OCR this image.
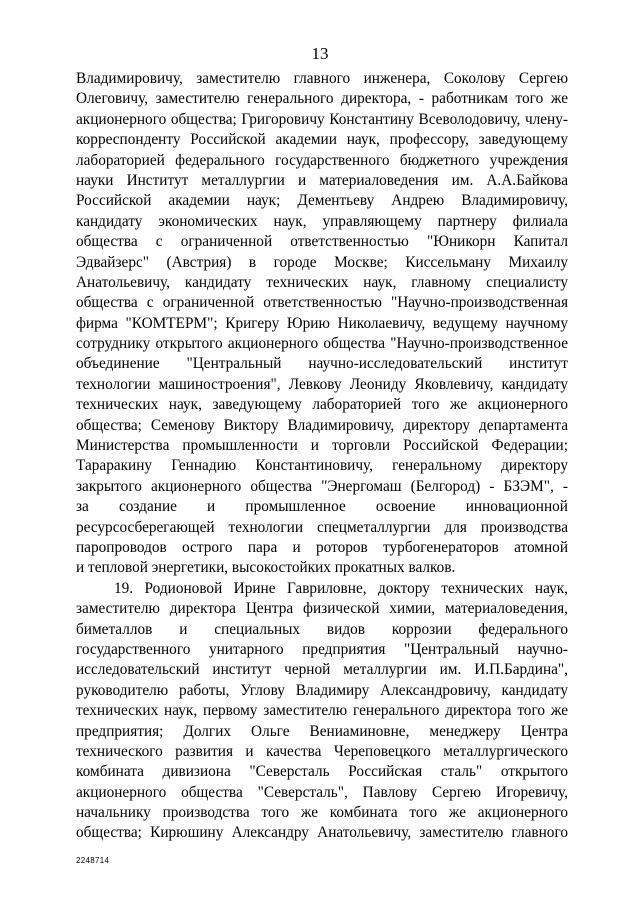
13
Владимировичу, заместителю главного инженера, Соколову Сергею
Олеговичу, заместителю генерального директора, - работникам того же
акционерного общества; Григоровичу Константину Всеволодовичу, члену-
корреспонденту Российской академии наук, профессору, заведующему
лабораторией федерального государственного бюджетного учреждения
науки Институт металлургии и материаловедения им. А.А.Байкова
Российской академии наук; Дементьеву Андрею Владимировичу,
кандидату экономических наук, управляющему партнеру филиала
общества с ограниченной ответственностью "Юникорн Капитал
Эдвайзерс" (Австрия) в городе Москве; Киссельману Михаилу
Анатольевичу, кандидату технических наук, главному специалисту
общества с ограниченной ответственностью "Научно-производственная
фирма "КОМТЕРМ"; Кригеру Юрию Николаевичу, ведущему научному
сотруднику открытого акционерного общества "Научно-производственное
объединение "Центральный научно-исследовательский институт
технологии машиностроения", Левкову Леониду Яковлевичу, кандидату
технических наук, заведующему лабораторией того же акционерного
общества; Семенову Виктору Владимировичу, директору департамента
Министерства промышленности и торговли Российской Федерации;
Тараракину Геннадию Константиновичу, генеральному директору
закрытого акционерного общества "Энергомаш (Белгород) - БЗЭМ", -
за создание и промышленное освоение инновационной
ресурсосберегающей технологии спецметаллургии для производства
паропроводов острого пара и роторов турбогенераторов атомной
и тепловой энергетики, высокостойких прокатных валков.
19. Родионовой Ирине Гавриловне, доктору технических наук,
заместителю директора Центра физической химии, материаловедения,
биметаллов и специальных видов коррозии федерального
государственного унитарного предприятия "Центральный научно-
исследовательский институт черной металлургии им. И.П.Бардина",
руководителю работы, Углову Владимиру Александровичу, кандидату
технических наук, первому заместителю генерального директора того же
предприятия; Долгих Ольге Вениаминовне, менеджеру Центра
технического развития и качества Череповецкого металлургического
комбината дивизиона "Северсталь Российская сталь" открытого
акционерного общества "Северсталь", Павлову Сергею Игоревичу,
начальнику производства того же комбината того же акционерного
общества; Кирюшину Александру Анатольевичу, заместителю главного
2248714
